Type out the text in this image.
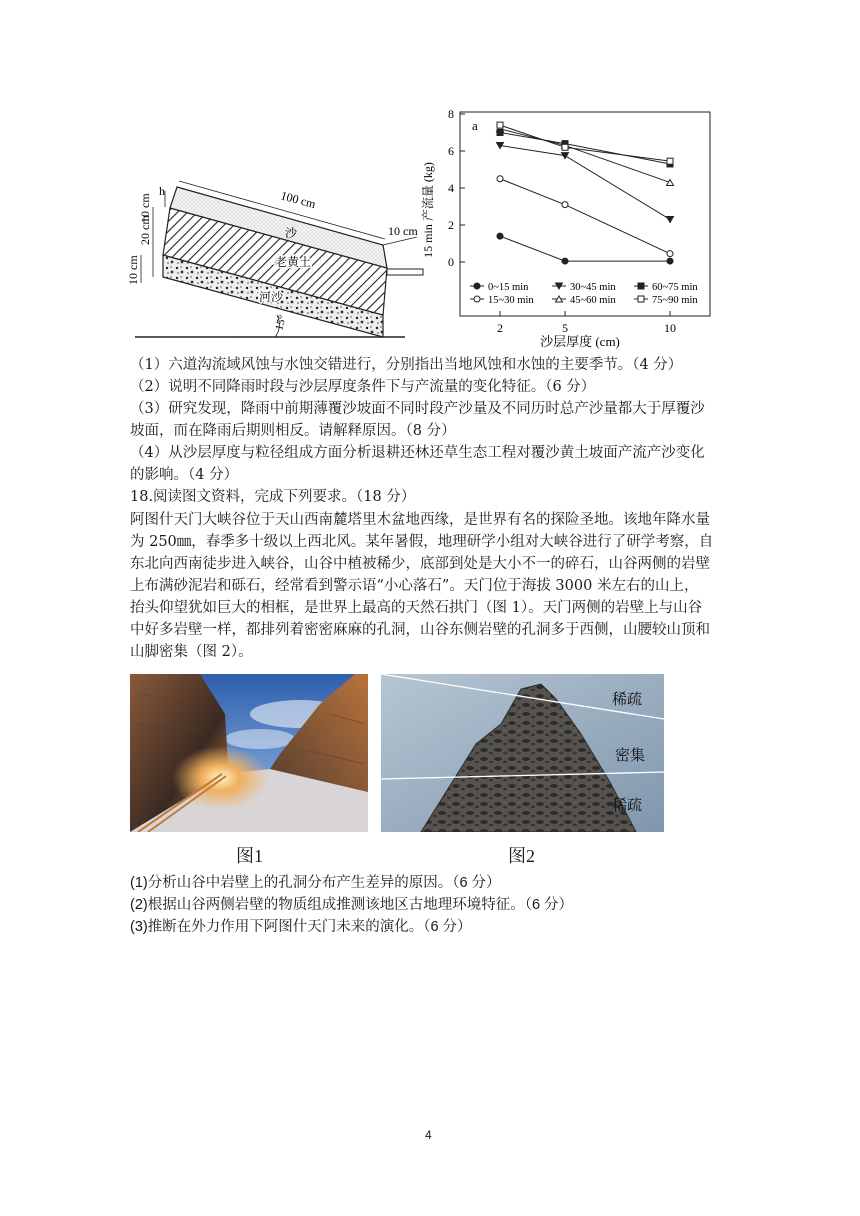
h	100 cm
10 cm
20 cm
10 cm
10 cm
沙
老黄土
河沙
15°
a
沙层厚度 (cm)
15 min 产流量 (kg)
0
2
4
6
8
2	5	10
0~15 min	30~45 min	60~75 min
15~30 min	45~60 min	75~90 min
（1）六道沟流域风蚀与水蚀交错进行，分别指出当地风蚀和水蚀的主要季节。（4 分）
（2）说明不同降雨时段与沙层厚度条件下与产流量的变化特征。（6 分）
（3）研究发现，降雨中前期薄覆沙坡面不同时段产沙量及不同历时总产沙量都大于厚覆沙
坡面，而在降雨后期则相反。请解释原因。（8 分）
（4）从沙层厚度与粒径组成方面分析退耕还林还草生态工程对覆沙黄土坡面产流产沙变化
的影响。（4 分）
18.阅读图文资料，完成下列要求。（18 分）
阿图什天门大峡谷位于天山西南麓塔里木盆地西缘，是世界有名的探险圣地。该地年降水量
为 250㎜，春季多十级以上西北风。某年暑假，地理研学小组对大峡谷进行了研学考察，自
东北向西南徒步进入峡谷，山谷中植被稀少，底部到处是大小不一的碎石，山谷两侧的岩壁
上布满砂泥岩和砾石，经常看到警示语“小心落石”。天门位于海拔 3000 米左右的山上，
抬头仰望犹如巨大的相框，是世界上最高的天然石拱门（图 1）。天门两侧的岩壁上与山谷
中好多岩壁一样，都排列着密密麻麻的孔洞，山谷东侧岩壁的孔洞多于西侧，山腰较山顶和
山脚密集（图 2）。
图1
稀疏
密集
稀疏
图2
(1)分析山谷中岩壁上的孔洞分布产生差异的原因。（6 分）
(2)根据山谷两侧岩壁的物质组成推测该地区古地理环境特征。（6 分）
(3)推断在外力作用下阿图什天门未来的演化。（6 分）
4
